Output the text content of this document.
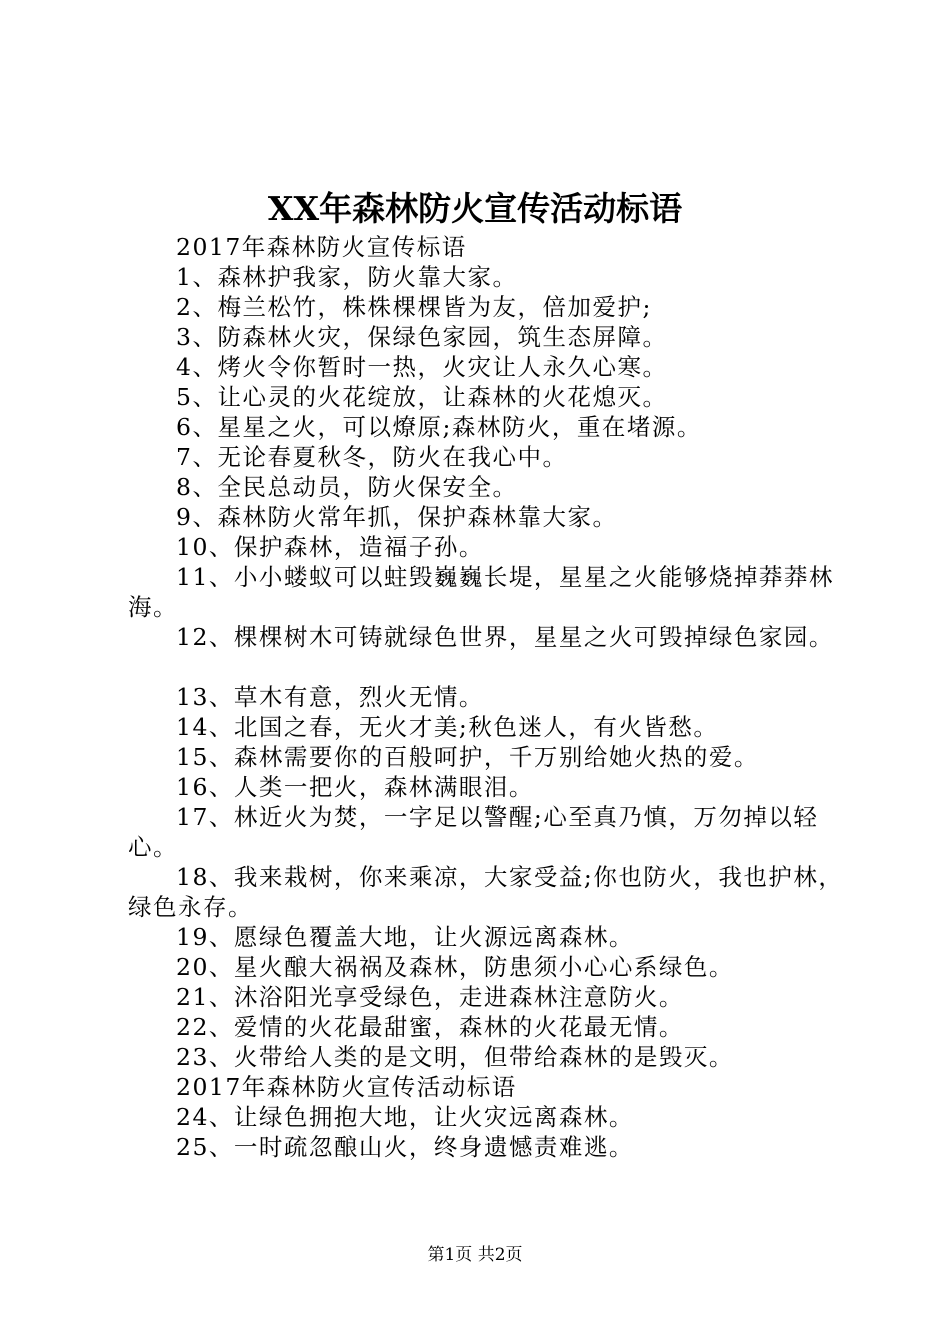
XX年森林防火宣传活动标语

2017年森林防火宣传标语

1、森林护我家，防火靠大家。

2、梅兰松竹，株株棵棵皆为友，倍加爱护;

3、防森林火灾，保绿色家园，筑生态屏障。

4、烤火令你暂时一热，火灾让人永久心寒。

5、让心灵的火花绽放，让森林的火花熄灭。

6、星星之火，可以燎原;森林防火，重在堵源。

7、无论春夏秋冬，防火在我心中。

8、全民总动员，防火保安全。

9、森林防火常年抓，保护森林靠大家。

10、保护森林，造福子孙。

11、小小蝼蚁可以蛀毁巍巍长堤，星星之火能够烧掉莽莽林海。

12、棵棵树木可铸就绿色世界，星星之火可毁掉绿色家园。

13、草木有意，烈火无情。

14、北国之春，无火才美;秋色迷人，有火皆愁。

15、森林需要你的百般呵护，千万别给她火热的爱。

16、人类一把火，森林满眼泪。

17、林近火为焚，一字足以警醒;心至真乃慎，万勿掉以轻心。

18、我来栽树，你来乘凉，大家受益;你也防火，我也护林，绿色永存。

19、愿绿色覆盖大地，让火源远离森林。

20、星火酿大祸祸及森林，防患须小心心系绿色。

21、沐浴阳光享受绿色，走进森林注意防火。

22、爱情的火花最甜蜜，森林的火花最无情。

23、火带给人类的是文明，但带给森林的是毁灭。

2017年森林防火宣传活动标语

24、让绿色拥抱大地，让火灾远离森林。

25、一时疏忽酿山火，终身遗憾责难逃。

第1页 共2页
